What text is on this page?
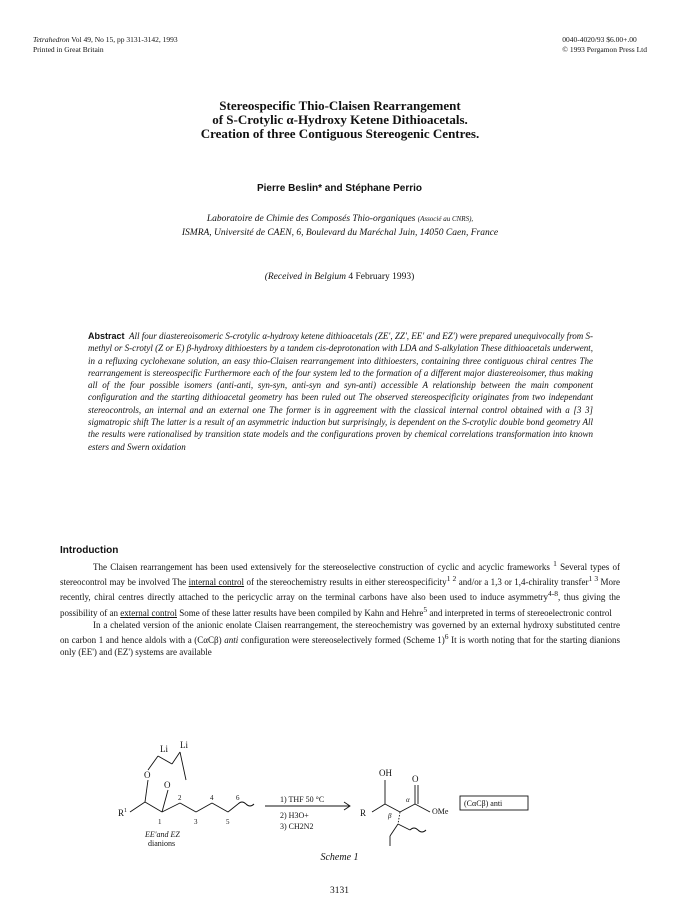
Tetrahedron Vol 49, No 15, pp 3131-3142, 1993
Printed in Great Britain
0040-4020/93 $6.00+.00
© 1993 Pergamon Press Ltd
Stereospecific Thio-Claisen Rearrangement
of S-Crotylic α-Hydroxy Ketene Dithioacetals.
Creation of three Contiguous Stereogenic Centres.
Pierre Beslin* and Stéphane Perrio
Laboratoire de Chimie des Composés Thio-organiques (Associé au CNRS),
ISMRA, Université de CAEN, 6, Boulevard du Maréchal Juin, 14050 Caen, France
(Received in Belgium 4 February 1993)
Abstract All four diastereoisomeric S-crotylic α-hydroxy ketene dithioacetals (ZE', ZZ', EE' and EZ') were prepared unequivocally from S-methyl or S-crotyl (Z or E) β-hydroxy dithioesters by a tandem cis-deprotonation with LDA and S-alkylation These dithioacetals underwent, in a refluxing cyclohexane solution, an easy thio-Claisen rearrangement into dithioesters, containing three contiguous chiral centres The rearrangement is stereospecific Furthermore each of the four system led to the formation of a different major diastereoisomer, thus making all of the four possible isomers (anti-anti, syn-syn, anti-syn and syn-anti) accessible A relationship between the main component configuration and the starting dithioacetal geometry has been ruled out The observed stereospecificity originates from two independant stereocontrols, an internal and an external one The former is in aggreement with the classical internal control obtained with a [3 3] sigmatropic shift The latter is a result of an asymmetric induction but surprisingly, is dependent on the S-crotylic double bond geometry All the results were rationalised by transition state models and the configurations proven by chemical correlations transformation into known esters and Swern oxidation
Introduction

The Claisen rearrangement has been used extensively for the stereoselective construction of cyclic and acyclic frameworks $^1$ Several types of stereocontrol may be involved The internal control of the stereochemistry results in either stereospecificity$^{1 2}$ and/or a 1,3 or 1,4-chirality transfer$^{1 3}$ More recently, chiral centres directly attached to the pericyclic array on the terminal carbons have also been used to induce asymmetry$^{4-8}$, thus giving the possibility of an external control Some of these latter results have been compiled by Kahn and Hehre$^5$ and interpreted in terms of stereoelectronic control

In a chelated version of the anionic enolate Claisen rearrangement, the stereochemistry was governed by an external hydroxy substituted centre on carbon 1 and hence aldols with a (CαCβ) anti configuration were stereoselectively formed (Scheme 1)$^6$ It is worth noting that for the starting dianions only (EE') and (EZ') systems are available

Li Li
O
O
$R^1$
1
2
3
4
5
6
EE'and EZ
dianions
1) THF 50 °C
2) H3O+
3) CH2N2
OH
O
OMe
R	β
α	(CαCβ) anti
Scheme 1
3131
